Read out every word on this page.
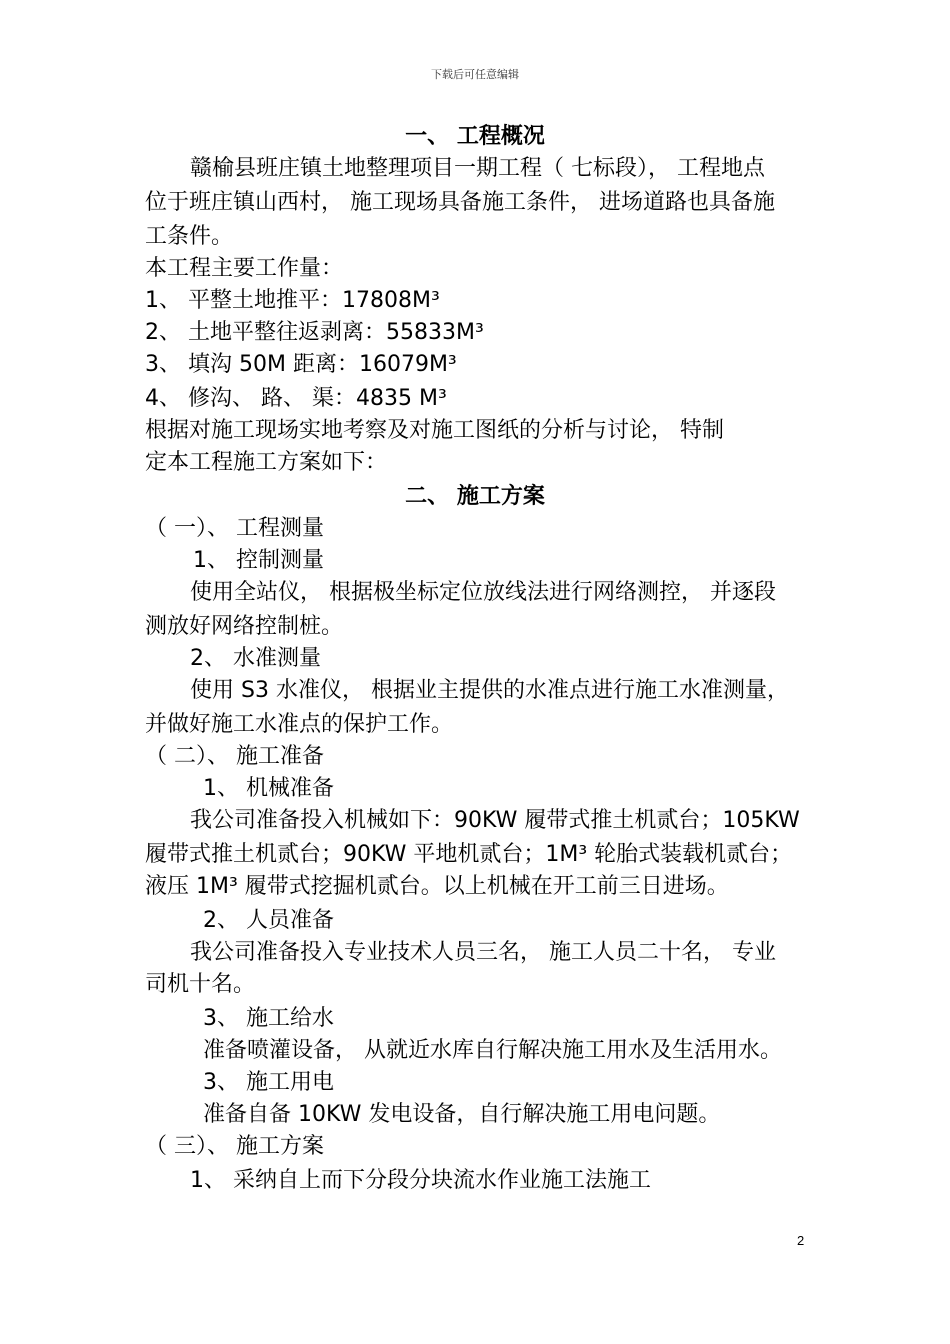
下载后可任意编辑
一、 工程概况
赣榆县班庄镇土地整理项目一期工程（ 七标段）， 工程地点
位于班庄镇山西村， 施工现场具备施工条件， 进场道路也具备施
工条件。
本工程主要工作量：
1、 平整土地推平：17808M³
2、 土地平整往返剥离：55833M³
3、 填沟 50M 距离：16079M³
4、 修沟、 路、 渠：4835 M³
根据对施工现场实地考察及对施工图纸的分析与讨论， 特制
定本工程施工方案如下：
二、 施工方案
（ 一）、 工程测量
1、 控制测量
使用全站仪， 根据极坐标定位放线法进行网络测控， 并逐段
测放好网络控制桩。
2、 水准测量
使用 S3 水准仪， 根据业主提供的水准点进行施工水准测量，
并做好施工水准点的保护工作。
（ 二）、 施工准备
1、 机械准备
我公司准备投入机械如下：90KW 履带式推土机贰台；105KW
履带式推土机贰台；90KW 平地机贰台；1M³ 轮胎式装载机贰台；
液压 1M³ 履带式挖掘机贰台。以上机械在开工前三日进场。
2、 人员准备
我公司准备投入专业技术人员三名， 施工人员二十名， 专业
司机十名。
3、 施工给水
准备喷灌设备， 从就近水库自行解决施工用水及生活用水。
3、 施工用电
准备自备 10KW 发电设备，自行解决施工用电问题。
（ 三）、 施工方案
1、 采纳自上而下分段分块流水作业施工法施工
2
